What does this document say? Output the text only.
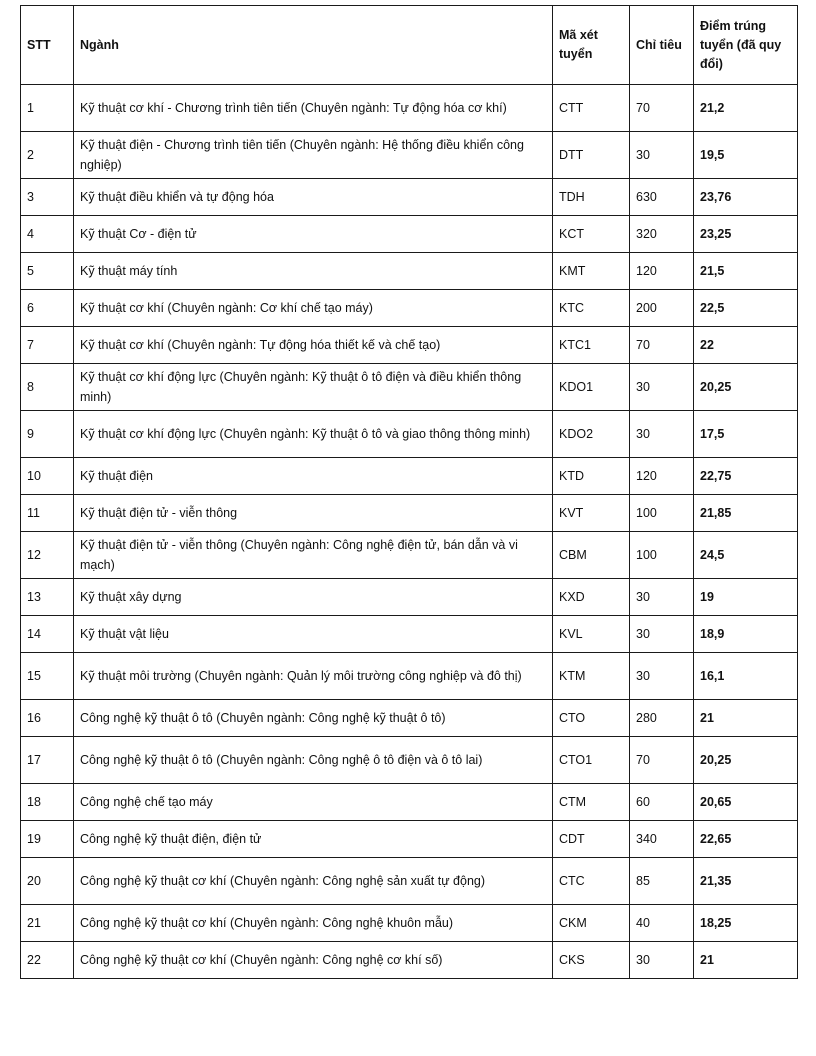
STT	Ngành	Mã xét tuyển	Chỉ tiêu	Điểm trúng tuyển (đã quy đổi)
1	Kỹ thuật cơ khí - Chương trình tiên tiến (Chuyên ngành: Tự động hóa cơ khí)	CTT	70	21,2
2	Kỹ thuật điện - Chương trình tiên tiến (Chuyên ngành: Hệ thống điều khiển công nghiệp)	DTT	30	19,5
3	Kỹ thuật điều khiển và tự động hóa	TDH	630	23,76
4	Kỹ thuật Cơ - điện tử	KCT	320	23,25
5	Kỹ thuật máy tính	KMT	120	21,5
6	Kỹ thuật cơ khí (Chuyên ngành: Cơ khí chế tạo máy)	KTC	200	22,5
7	Kỹ thuật cơ khí (Chuyên ngành: Tự động hóa thiết kế và chế tạo)	KTC1	70	22
8	Kỹ thuật cơ khí động lực (Chuyên ngành: Kỹ thuật ô tô điện và điều khiển thông minh)	KDO1	30	20,25
9	Kỹ thuật cơ khí động lực (Chuyên ngành: Kỹ thuật ô tô và giao thông thông minh)	KDO2	30	17,5
10	Kỹ thuật điện	KTD	120	22,75
11	Kỹ thuật điện tử - viễn thông	KVT	100	21,85
12	Kỹ thuật điện tử - viễn thông (Chuyên ngành: Công nghệ điện tử, bán dẫn và vi mạch)	CBM	100	24,5
13	Kỹ thuật xây dựng	KXD	30	19
14	Kỹ thuật vật liệu	KVL	30	18,9
15	Kỹ thuật môi trường (Chuyên ngành: Quản lý môi trường công nghiệp và đô thị)	KTM	30	16,1
16	Công nghệ kỹ thuật ô tô (Chuyên ngành: Công nghệ kỹ thuật ô tô)	CTO	280	21
17	Công nghệ kỹ thuật ô tô (Chuyên ngành: Công nghệ ô tô điện và ô tô lai)	CTO1	70	20,25
18	Công nghệ chế tạo máy	CTM	60	20,65
19	Công nghệ kỹ thuật điện, điện tử	CDT	340	22,65
20	Công nghệ kỹ thuật cơ khí (Chuyên ngành: Công nghệ sản xuất tự động)	CTC	85	21,35
21	Công nghệ kỹ thuật cơ khí (Chuyên ngành: Công nghệ khuôn mẫu)	CKM	40	18,25
22	Công nghệ kỹ thuật cơ khí (Chuyên ngành: Công nghệ cơ khí số)	CKS	30	21
